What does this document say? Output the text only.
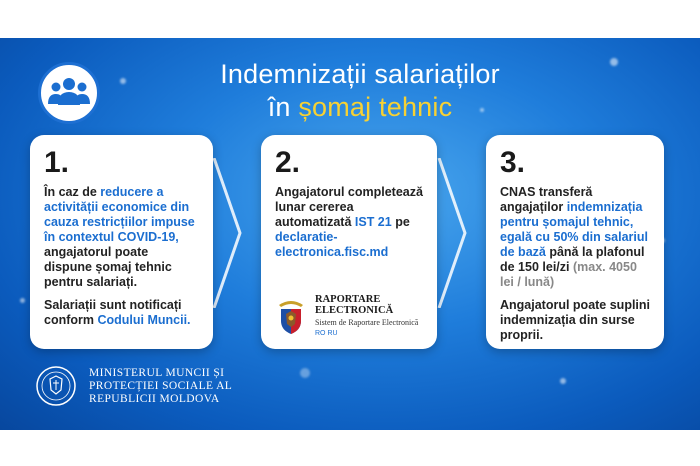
Indemnizații salariaților
în șomaj tehnic
1.
În caz de reducere a activității economice din cauza restricțiilor impuse în contextul COVID-19, angajatorul poate dispune șomaj tehnic pentru salariați.
Salariații sunt notificați conform Codului Muncii.
2.
Angajatorul completează lunar cererea automatizată IST 21 pe declaratie-electronica.fisc.md
RAPORTARE ELECTRONICĂ
Sistem de Raportare Electronică
RO RU
3.
CNAS transferă angajaților indemnizația pentru șomajul tehnic, egală cu 50% din salariul de bază până la plafonul de 150 lei/zi (max. 4050 lei / lună)
Angajatorul poate suplini indemnizația din surse proprii.
MINISTERUL MUNCII ȘI
PROTECȚIEI SOCIALE AL
REPUBLICII MOLDOVA
